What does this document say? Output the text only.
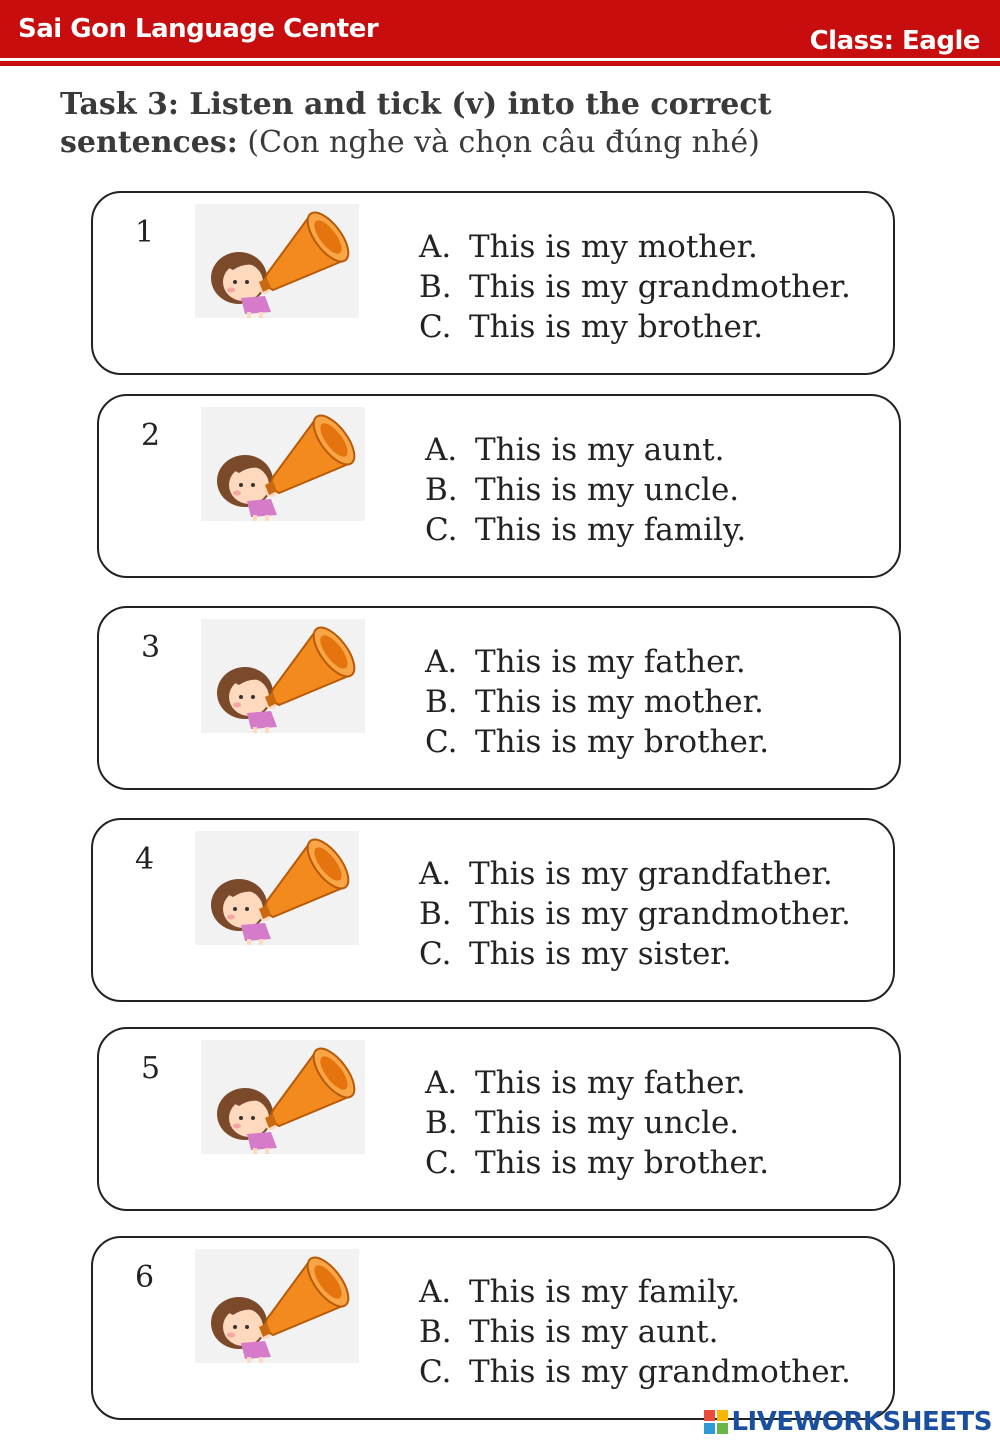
Sai Gon Language Center	Class: Eagle
Task 3: Listen and tick (v) into the correct
sentences: (Con nghe và chọn câu đúng nhé)
1	A. This is my mother.
B. This is my grandmother.
C. This is my brother.
2	A. This is my aunt.
B. This is my uncle.
C. This is my family.
3	A. This is my father.
B. This is my mother.
C. This is my brother.
4	A. This is my grandfather.
B. This is my grandmother.
C. This is my sister.
5	A. This is my father.
B. This is my uncle.
C. This is my brother.
6	A. This is my family.
B. This is my aunt.
C. This is my grandmother.
LIVEWORKSHEETS
